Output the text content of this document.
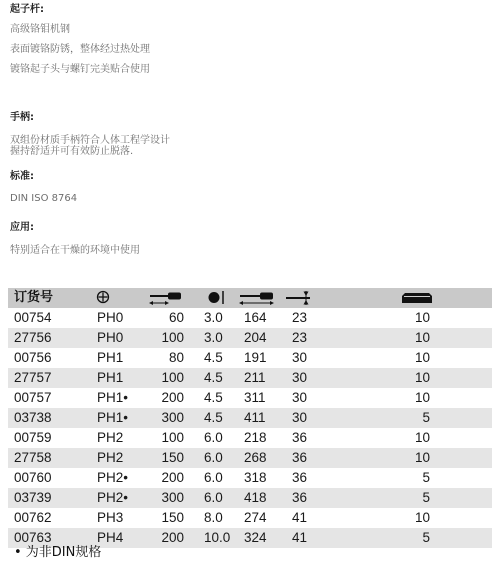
起子杆:
高级铬钼机钢
表面镀铬防锈，整体经过热处理
镀铬起子头与螺钉完美贴合使用
手柄:
双组份材质手柄符合人体工程学设计
握持舒适并可有效防止脱落.
标准:
DIN ISO 8764
应用:
特别适合在干燥的环境中使用
订货号
00754	PH0	60 3.0 164 23	10
27756	PH0	100 3.0 204 23	10
00756	PH1	80 4.5 191 30	10
27757	PH1	100 4.5 211 30	10
00757	PH1• 200 4.5 311 30	10
03738	PH1• 300 4.5 411 30	5
00759	PH2	100 6.0 218 36	10
27758	PH2	150 6.0 268 36	10
00760	PH2• 200 6.0 318 36	5
03739	PH2• 300 6.0 418 36	5
00762	PH3	150 8.0 274 41	10
00763	PH4	200 10.0 324 41	5
• 为非DIN规格
